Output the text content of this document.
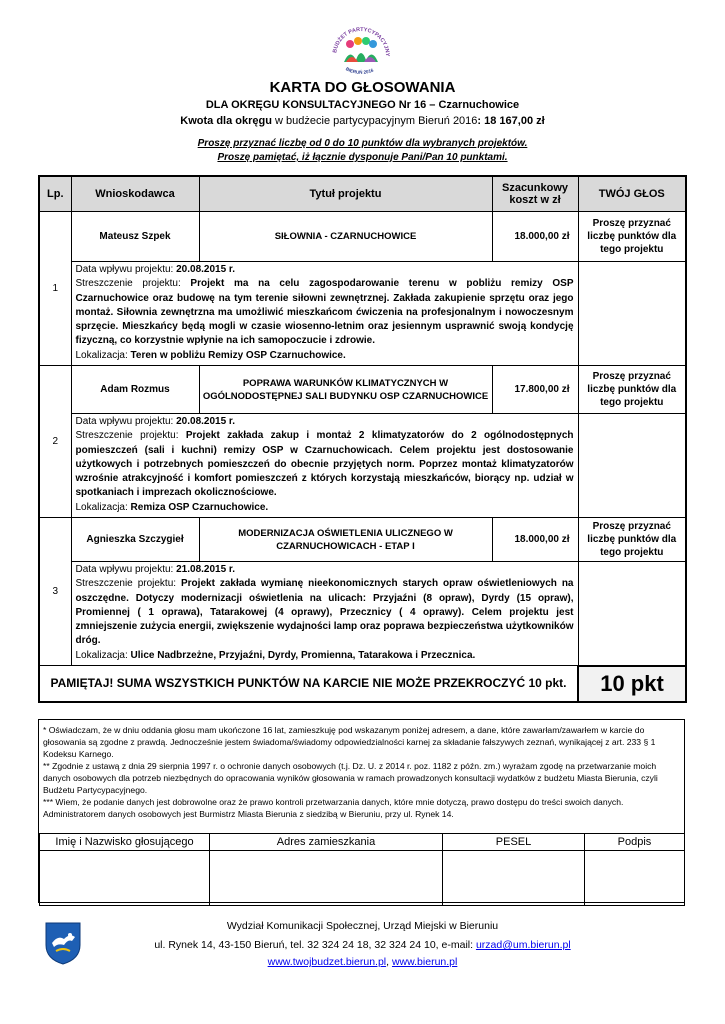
BUDŻET PARTYCYPACYJNY
BIERUŃ 2016
KARTA DO GŁOSOWANIA
DLA OKRĘGU KONSULTACYJNEGO Nr 16 – Czarnuchowice
Kwota dla okręgu w budżecie partycypacyjnym Bieruń 2016: 18 167,00 zł
Proszę przyznać liczbę od 0 do 10 punktów dla wybranych projektów.
Proszę pamiętać, iż łącznie dysponuje Pani/Pan 10 punktami.
Lp.	Wnioskodawca	Tytuł projektu	Szacunkowy koszt w zł	TWÓJ GŁOS
1	Mateusz Szpek	SIŁOWNIA - CZARNUCHOWICE	18.000,00 zł	Proszę przyznać liczbę punktów dla tego projektu
	Data wpływu projektu: 20.08.2015 r.
Streszczenie projektu: Projekt ma na celu zagospodarowanie terenu w pobliżu remizy OSP Czarnuchowice oraz budowę na tym terenie siłowni zewnętrznej. Zakłada zakupienie sprzętu oraz jego montaż. Siłownia zewnętrzna ma umożliwić mieszkańcom ćwiczenia na profesjonalnym i nowoczesnym sprzęcie. Mieszkańcy będą mogli w czasie wiosenno-letnim oraz jesiennym usprawnić swoją kondycję fizyczną, co korzystnie wpłynie na ich samopoczucie i zdrowie.
Lokalizacja: Teren w pobliżu Remizy OSP Czarnuchowice.			
2	Adam Rozmus	POPRAWA WARUNKÓW KLIMATYCZNYCH W OGÓLNODOSTĘPNEJ SALI BUDYNKU OSP CZARNUCHOWICE	17.800,00 zł	Proszę przyznać liczbę punktów dla tego projektu
	Data wpływu projektu: 20.08.2015 r.
Streszczenie projektu: Projekt zakłada zakup i montaż 2 klimatyzatorów do 2 ogólnodostępnych pomieszczeń (sali i kuchni) remizy OSP w Czarnuchowicach. Celem projektu jest dostosowanie użytkowych i potrzebnych pomieszczeń do obecnie przyjętych norm. Poprzez montaż klimatyzatorów wzrośnie atrakcyjność i komfort pomieszczeń z których korzystają mieszkańców, biorący np. udział w spotkaniach i imprezach okolicznościowe.
Lokalizacja: Remiza OSP Czarnuchowice.			
3	Agnieszka Szczygieł	MODERNIZACJA OŚWIETLENIA ULICZNEGO W CZARNUCHOWICACH - ETAP I	18.000,00 zł	Proszę przyznać liczbę punktów dla tego projektu
	Data wpływu projektu: 21.08.2015 r.
Streszczenie projektu: Projekt zakłada wymianę nieekonomicznych starych opraw oświetleniowych na oszczędne. Dotyczy modernizacji oświetlenia na ulicach: Przyjaźni (8 opraw), Dyrdy (15 opraw), Promiennej ( 1 oprawa), Tatarakowej (4 oprawy), Przecznicy ( 4 oprawy). Celem projektu jest zmniejszenie zużycia energii, zwiększenie wydajności lamp oraz poprawa bezpieczeństwa użytkowników dróg.
Lokalizacja: Ulice Nadbrzeżne, Przyjaźni, Dyrdy, Promienna, Tatarakowa i Przecznica.			
PAMIĘTAJ! SUMA WSZYSTKICH PUNKTÓW NA KARCIE NIE MOŻE PRZEKROCZYĆ 10 pkt.				10 pkt
* Oświadczam, że w dniu oddania głosu mam ukończone 16 lat, zamieszkuję pod wskazanym poniżej adresem, a dane, które zawarłam/zawarłem w karcie do głosowania są zgodne z prawdą. Jednocześnie jestem świadoma/świadomy odpowiedzialności karnej za składanie fałszywych zeznań, wynikającej z art. 233 § 1 Kodeksu Karnego.
** Zgodnie z ustawą z dnia 29 sierpnia 1997 r. o ochronie danych osobowych (t.j. Dz. U. z 2014 r. poz. 1182 z późn. zm.) wyrażam zgodę na przetwarzanie moich danych osobowych dla potrzeb niezbędnych do opracowania wyników głosowania w ramach prowadzonych konsultacji wydatków z budżetu Miasta Bierunia, czyli Budżetu Partycypacyjnego.
*** Wiem, że podanie danych jest dobrowolne oraz że prawo kontroli przetwarzania danych, które mnie dotyczą, prawo dostępu do treści swoich danych. Administratorem danych osobowych jest Burmistrz Miasta Bierunia z siedzibą w Bieruniu, przy ul. Rynek 14.
Imię i Nazwisko głosującego	Adres zamieszkania	PESEL	Podpis

Wydział Komunikacji Społecznej, Urząd Miejski w Bieruniu
ul. Rynek 14, 43-150 Bieruń, tel. 32 324 24 18, 32 324 24 10, e-mail: urzad@um.bierun.pl
www.twojbudzet.bierun.pl, www.bierun.pl
